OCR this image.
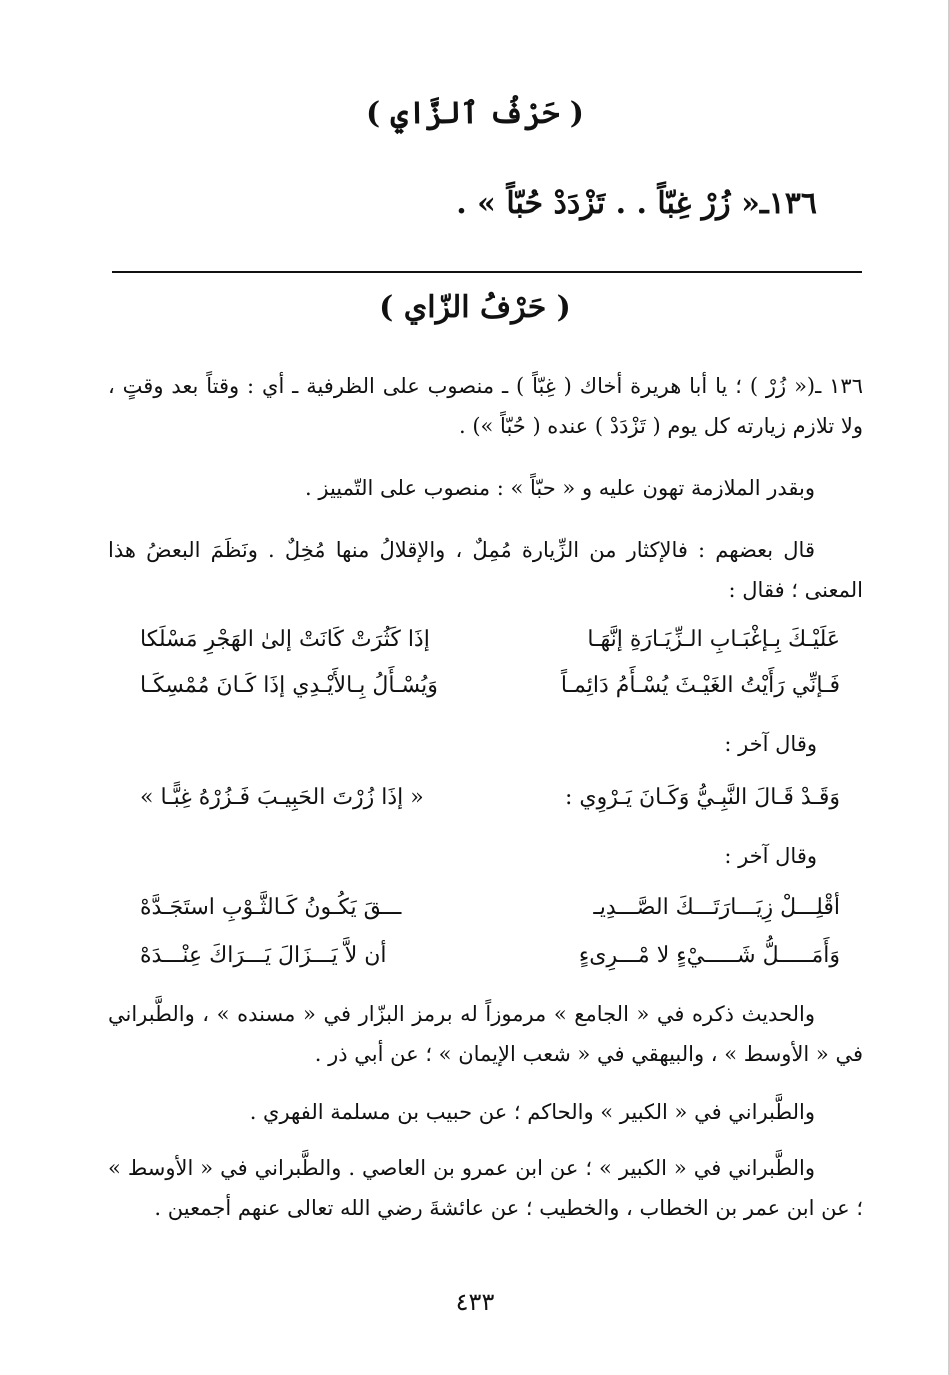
( حَرْفُ ٱلزَّايِ )
١٣٦ـ« زُرْ غِبّاً . . تَزْدَدْ حُبّاً » .
( حَرْفُ الزّاي )
١٣٦ ـ(« زُرْ ) ؛ يا أبا هريرة أخاك ( غِبّاً ) ـ منصوب على الظرفية ـ أي : وقتاً بعد وقتٍ ، ولا تلازم زيارته كل يوم ( تَزْدَدْ ) عنده ( حُبّاً ») .
وبقدر الملازمة تهون عليه و « حبّاً » : منصوب على التّمييز .
قال بعضهم : فالإكثار من الزِّيارة مُمِلٌ ، والإقلالُ منها مُخِلٌ . ونَظَمَ البعضُ هذا المعنى ؛ فقال :
عَلَيْـكَ بِـإغْبَـابِ الـزِّيَـارَةِ إنَّهَـا
إذَا كَثُرَتْ كَانَتْ إلىٰ الهَجْرِ مَسْلَكا
فَـإنِّي رَأَيْتُ الغَيْـثَ يُسْـأَمُ دَائِمـاً
وَيُسْـأَلُ بِـالأَيْـدِي إذَا كَـانَ مُمْسِكَـا
وقال آخر :
وَقَـدْ قَـالَ النَّبِـيُّ وَكَـانَ يَـرْوِي :
« إذَا زُرْتَ الحَبِيـبَ فَـزُرْهُ غِبًّـا »
وقال آخر :
أقْلِـــلْ زِيَـــارَتَـــكَ الصَّـــدِيـ
ـــقَ يَكُـونُ كَـالثَّـوْبِ استَجَـدَّهْ
وَأَمَـــــلُّ شَـــــيْءٍ لا مْـــرِىءٍ
أن لاَّ يَـــزَالَ يَـــرَاكَ عِنْـــدَهْ
والحديث ذكره في « الجامع » مرموزاً له برمز البزّار في « مسنده » ، والطَّبراني في « الأوسط » ، والبيهقي في « شعب الإيمان » ؛ عن أبي ذر .
والطَّبراني في « الكبير » والحاكم ؛ عن حبيب بن مسلمة الفهري .
والطَّبراني في « الكبير » ؛ عن ابن عمرو بن العاصي . والطَّبراني في « الأوسط » ؛ عن ابن عمر بن الخطاب ، والخطيب ؛ عن عائشةَ رضي الله تعالى عنهم أجمعين .
٤٣٣
